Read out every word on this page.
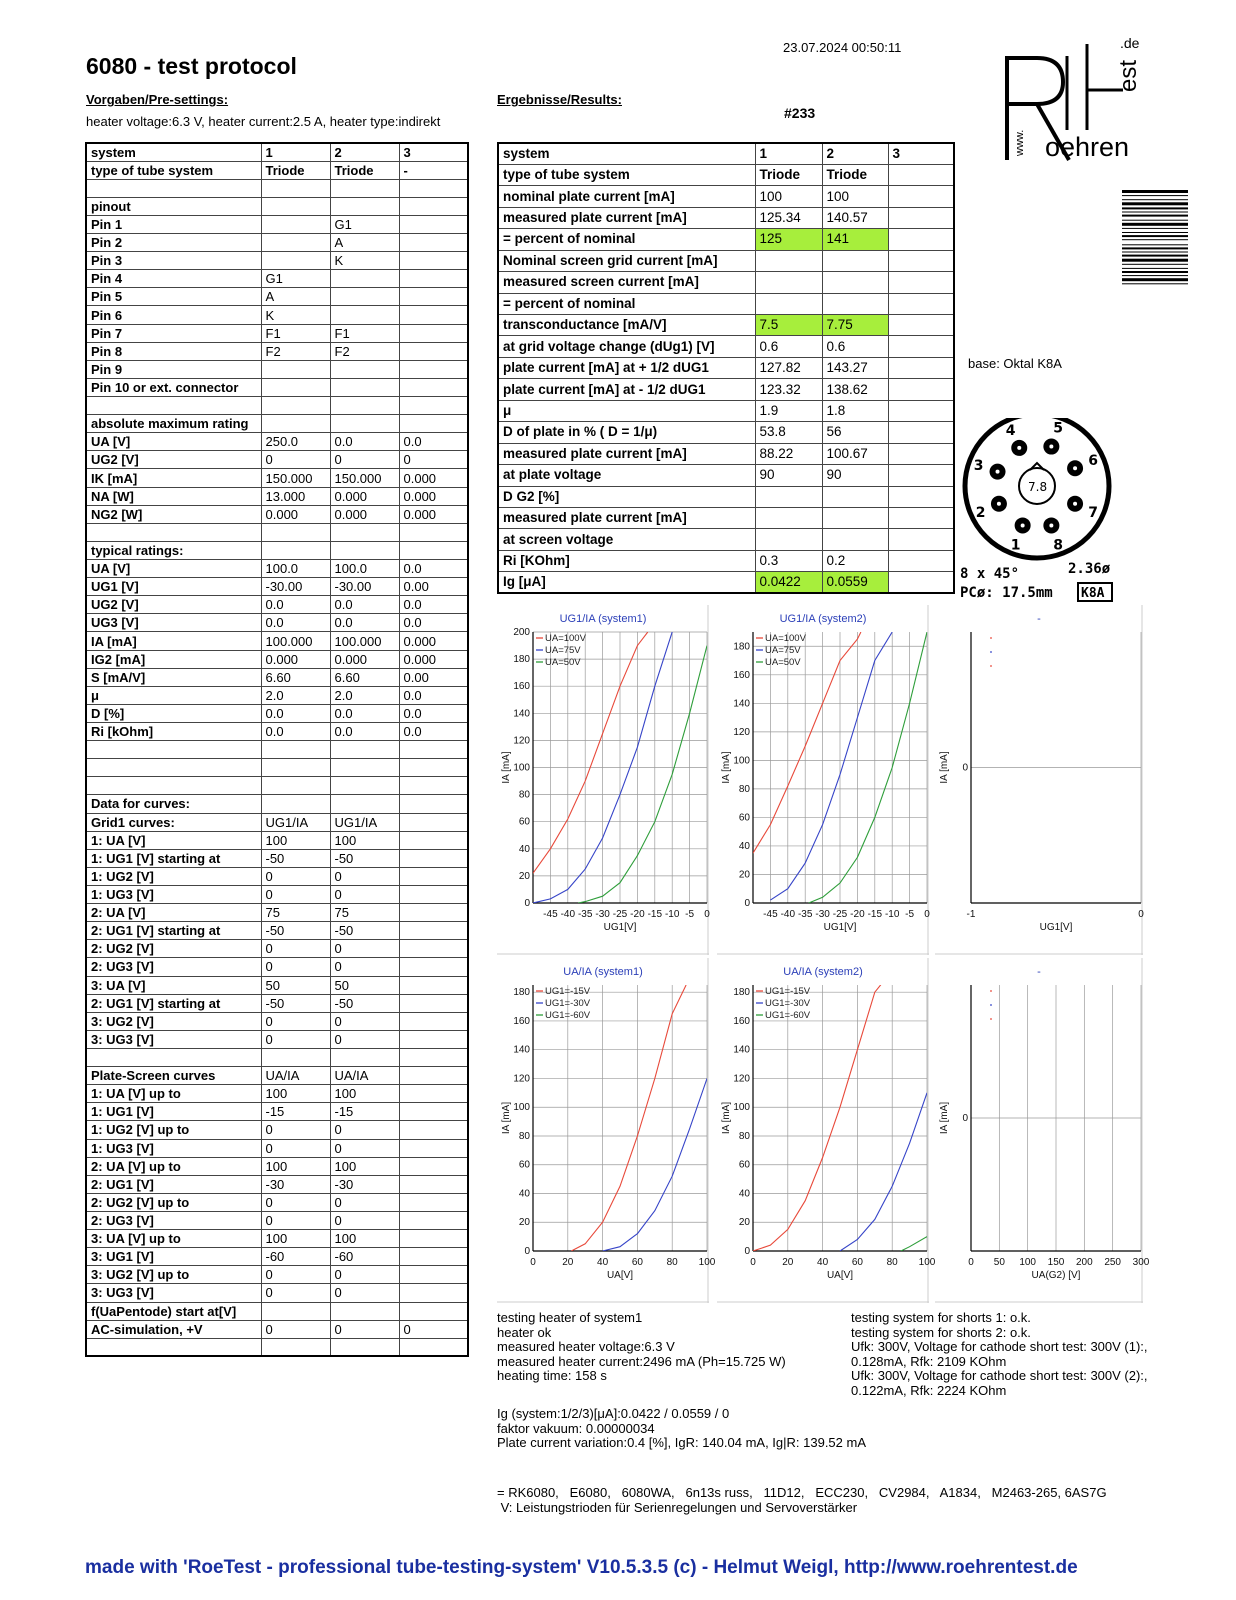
6080 - test protocol
23.07.2024 00:50:11
Vorgaben/Pre-settings:
heater voltage:6.3 V, heater current:2.5 A, heater type:indirekt
Ergebnisse/Results:
#233
.de
est
www. oehren
base: Oktal K8A
7.8
1
2
3
4	5
6
7
8
8 x 45°	2.36ø
PCø: 17.5mm K8A
system	1	2	3
type of tube system	Triode	Triode	-

pinout			
Pin 1		G1	
Pin 2		A	
Pin 3		K	
Pin 4	G1		
Pin 5	A		
Pin 6	K		
Pin 7	F1	F1	
Pin 8	F2	F2	
Pin 9			
Pin 10 or ext. connector			

absolute maximum rating			
UA [V]	250.0	0.0	0.0
UG2 [V]	0	0	0
IK [mA]	150.000	150.000	0.000
NA [W]	13.000	0.000	0.000
NG2 [W]	0.000	0.000	0.000

typical ratings:			
UA [V]	100.0	100.0	0.0
UG1 [V]	-30.00	-30.00	0.00
UG2 [V]	0.0	0.0	0.0
UG3 [V]	0.0	0.0	0.0
IA [mA]	100.000	100.000	0.000
IG2 [mA]	0.000	0.000	0.000
S [mA/V]	6.60	6.60	0.00
μ	2.0	2.0	0.0
D [%]	0.0	0.0	0.0
Ri [kOhm]	0.0	0.0	0.0

Data for curves:			
Grid1 curves:	UG1/IA	UG1/IA	
1: UA [V]	100	100	
1: UG1 [V] starting at	-50	-50	
1: UG2 [V]	0	0	
1: UG3 [V]	0	0	
2: UA [V]	75	75	
2: UG1 [V] starting at	-50	-50	
2: UG2 [V]	0	0	
2: UG3 [V]	0	0	
3: UA [V]	50	50	
2: UG1 [V] starting at	-50	-50	
3: UG2 [V]	0	0	
3: UG3 [V]	0	0	

Plate-Screen curves	UA/IA	UA/IA	
1: UA [V] up to	100	100	
1: UG1 [V]	-15	-15	
1: UG2 [V] up to	0	0	
1: UG3 [V]	0	0	
2: UA [V] up to	100	100	
2: UG1 [V]	-30	-30	
2: UG2 [V] up to	0	0	
2: UG3 [V]	0	0	
3: UA [V] up to	100	100	
3: UG1 [V]	-60	-60	
3: UG2 [V] up to	0	0	
3: UG3 [V]	0	0	
f(UaPentode) start at[V]			
AC-simulation, +V	0	0	0

system	1	2	3
type of tube system	Triode	Triode	
nominal plate current [mA]	100	100	
measured plate current [mA]	125.34	140.57	
= percent of nominal	125	141	
Nominal screen grid current [mA]			
measured screen current [mA]			
= percent of nominal			
transconductance [mA/V]	7.5	7.75	
at grid voltage change (dUg1) [V]	0.6	0.6	
plate current [mA] at + 1/2 dUG1	127.82	143.27	
plate current [mA] at - 1/2 dUG1	123.32	138.62	
μ	1.9	1.8	
D of plate in % ( D = 1/μ)	53.8	56	
measured plate current [mA]	88.22	100.67	
at plate voltage	90	90	
D G2 [%]			
measured plate current [mA]			
at screen voltage			
Ri [KOhm]	0.3	0.2	
Ig [μA]	0.0422	0.0559	
UG1/IA (system1)
-45 -40 -35 -30 -25 -20 -15 -10 -5 0
0
20
40
60
80
100
120
140
160
180
200
UG1[V]
IA [mA]
UA=100V
UA=75V
UA=50V
UG1/IA (system2)
-45 -40 -35 -30 -25 -20 -15 -10 -5 0
0
20
40
60
80
100
120
140
160
180
UG1[V]
IA [mA]
UA=100V
UA=75V
UA=50V
-
-1	0
0
UG1[V]
IA [mA]
UA/IA (system1)
0	20 40 60 80 100
0
20
40
60
80
100
120
140
160
180
UA[V]
IA [mA]
UG1=-15V
UG1=-30V
UG1=-60V
UA/IA (system2)
0	20 40 60 80 100
0
20
40
60
80
100
120
140
160
180
UA[V]
IA [mA]
UG1=-15V
UG1=-30V
UG1=-60V
-
0 50 100 150 200 250 300
0
UA(G2) [V]
IA [mA]
testing heater of system1
heater ok
measured heater voltage:6.3 V
measured heater current:2496 mA (Ph=15.725 W)
heating time: 158 s
testing system for shorts 1: o.k.
testing system for shorts 2: o.k.
Ufk: 300V, Voltage for cathode short test: 300V (1):,
0.128mA, Rfk: 2109 KOhm
Ufk: 300V, Voltage for cathode short test: 300V (2):,
0.122mA, Rfk: 2224 KOhm
Ig (system:1/2/3)[μA]:0.0422 / 0.0559 / 0
faktor vakuum: 0.00000034
Plate current variation:0.4 [%], IgR: 140.04 mA, Ig|R: 139.52 mA
= RK6080,   E6080,   6080WA,   6n13s russ,   11D12,   ECC230,   CV2984,   A1834,   M2463-265, 6AS7G
V: Leistungstrioden für Serienregelungen und Servoverstärker
made with 'RoeTest - professional tube-testing-system' V10.5.3.5 (c) - Helmut Weigl, http://www.roehrentest.de
